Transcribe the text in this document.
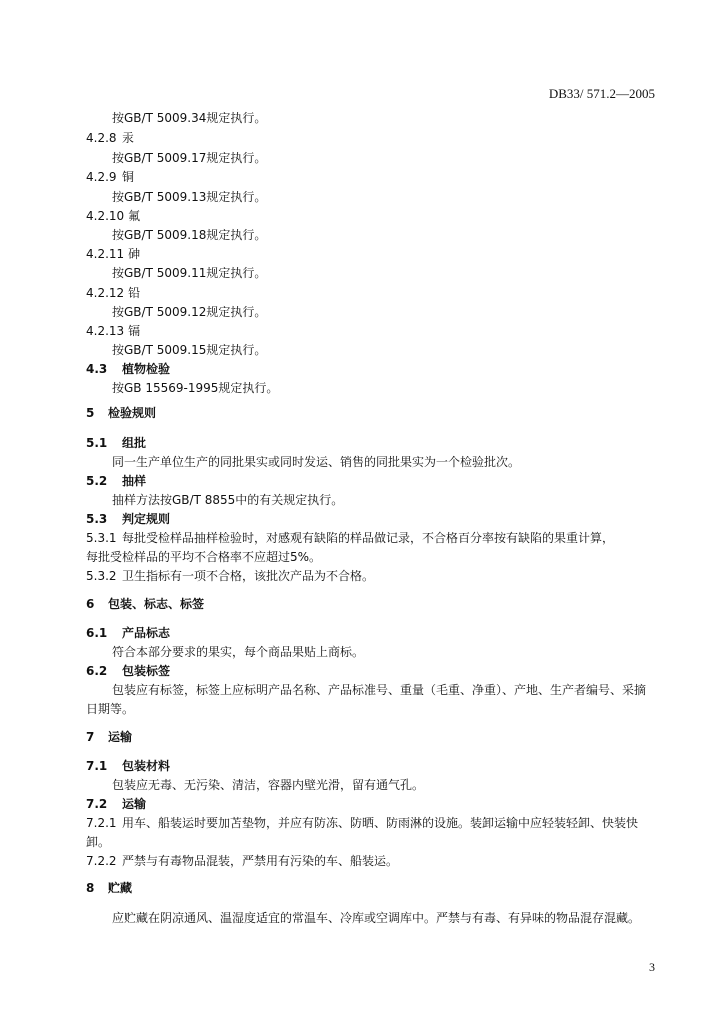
DB33/ 571.2—2005
按GB/T 5009.34规定执行。
4.2.8 汞
按GB/T 5009.17规定执行。
4.2.9 铜
按GB/T 5009.13规定执行。
4.2.10 氟
按GB/T 5009.18规定执行。
4.2.11 砷
按GB/T 5009.11规定执行。
4.2.12 铅
按GB/T 5009.12规定执行。
4.2.13 镉
按GB/T 5009.15规定执行。
4.3 植物检验
按GB 15569-1995规定执行。
5 检验规则
5.1 组批
同一生产单位生产的同批果实或同时发运、销售的同批果实为一个检验批次。
5.2 抽样
抽样方法按GB/T 8855中的有关规定执行。
5.3 判定规则
5.3.1 每批受检样品抽样检验时，对感观有缺陷的样品做记录，不合格百分率按有缺陷的果重计算，
每批受检样品的平均不合格率不应超过5%。
5.3.2 卫生指标有一项不合格，该批次产品为不合格。
6 包装、标志、标签
6.1 产品标志
符合本部分要求的果实，每个商品果贴上商标。
6.2 包装标签
包装应有标签，标签上应标明产品名称、产品标准号、重量（毛重、净重）、产地、生产者编号、采摘
日期等。
7 运输
7.1 包装材料
包装应无毒、无污染、清洁，容器内壁光滑，留有通气孔。
7.2 运输
7.2.1 用车、船装运时要加苫垫物，并应有防冻、防晒、防雨淋的设施。装卸运输中应轻装轻卸、快装快
卸。
7.2.2 严禁与有毒物品混装，严禁用有污染的车、船装运。
8 贮藏
应贮藏在阴凉通风、温湿度适宜的常温车、冷库或空调库中。严禁与有毒、有异味的物品混存混藏。
3
